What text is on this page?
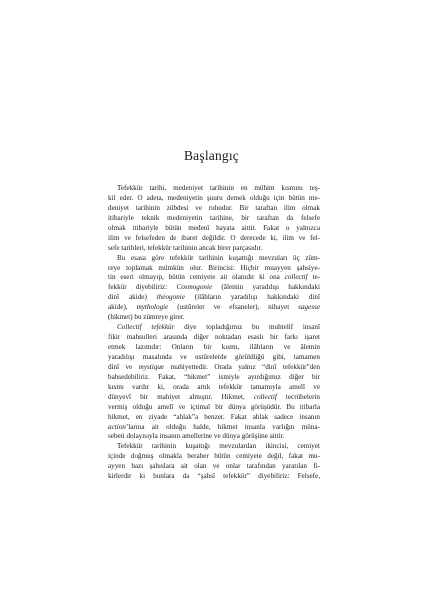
Başlangıç
Tefekkür tarihi, medeniyet tarihinin en mühim kısmını teş-
kil eder. O adeta, medeniyetin şuuru demek olduğu için bütün me-
deniyet tarihinin zübdesi ve ruhudur. Bir taraftan ilim olmak
itibariyle teknik medeniyetin tarihine, bir taraftan da felsefe
olmak itibariyle bütün medenî hayata aittir. Fakat o yalnızca
ilim ve felsefeden de ibaret değildir. O derecede ki, ilim ve fel-
sefe tarihleri, tefekkür tarihinin ancak birer parçasıdır.
Bu esasa göre tefekkür tarihinin kuşattığı mevzuları üç züm-
reye toplamak mümkün olur. Birincisi: Hiçbir muayyen şahsiye-
tin eseri olmayıp, bütün cemiyete ait olanıdır ki ona collectif te-
fekkür diyebiliriz: Cosmogonie (âlemin yaradılışı hakkındaki
dinî akide) théogonie (ilâhların yaradılışı hakkındaki dinî
akide), mythologie (ustûreler ve efsaneler), nihayet sagesse
(hikmet) bu zümreye girer.
Collectif tefekkür diye topladığımız bu muhtelif insanî
fikir mahsulleri arasında diğer noktadan esaslı bir farkı işaret
etmek lazımdır: Onların bir kısmı, ilâhların ve âlemin
yaradılışı masalında ve ustûrelerde görüldüğü gibi, tamamen
dinî ve mystique mahiyettedir. Orada yalnız “dinî tefekkür”den
bahsedebiliriz. Fakat, “hikmet” ismiyle ayırdığımız diğer bir
kısmı vardır ki, orada artık tefekkür tamamıyla amelî ve
dünyevî bir mahiyet almıştır. Hikmet, collectif tecrübelerin
vermiş olduğu amelî ve içtimaî bir dünya görüşüdür. Bu itibarla
hikmet, en ziyade “ahlak”a benzer. Fakat ahlak sadece insanın
action’larına ait olduğu halde, hikmet insanla varlığın müna-
sebeti dolayısıyla insanın amellerine ve dünya görüşüne aittir.
Tefekkür tarihinin kuşattığı mevzulardan ikincisi, cemiyet
içinde doğmuş olmakla beraber bütün cemiyete değil, fakat mu-
ayyen bazı şahıslara ait olan ve onlar tarafından yaratılan fi-
kirlerdir ki bunlara da “şahsî tefekkür” diyebiliriz: Felsefe,
